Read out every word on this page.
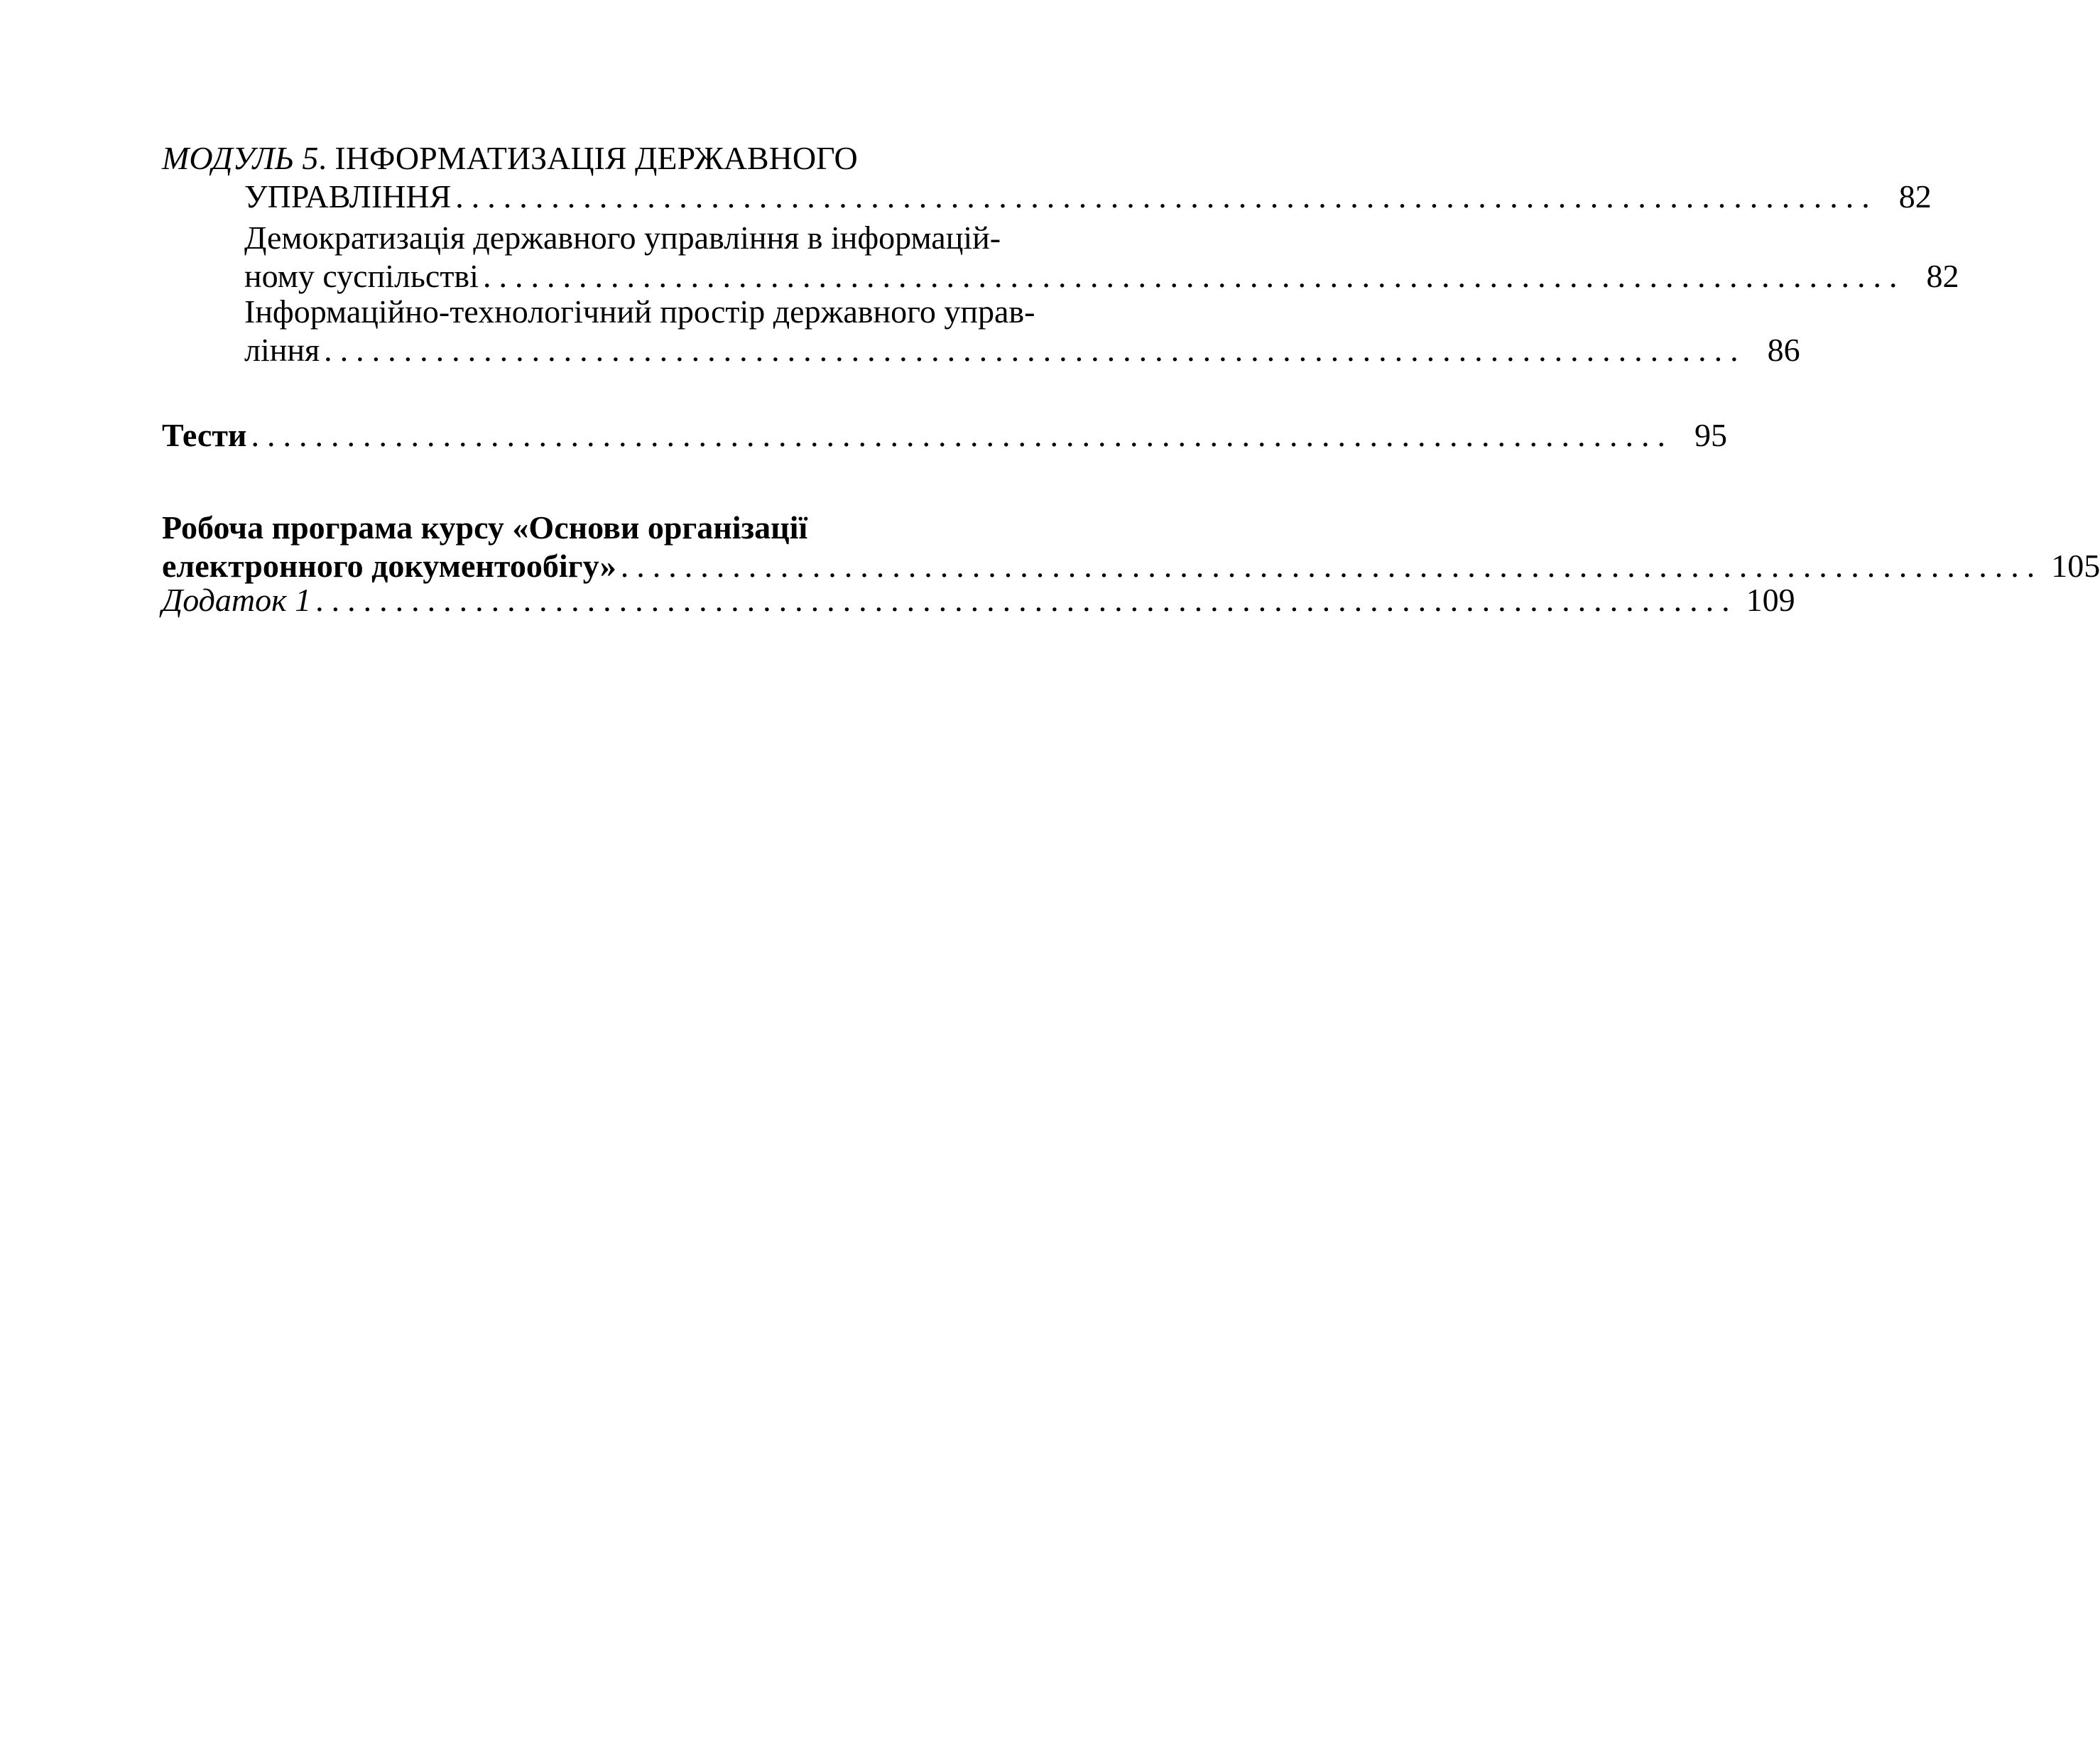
МОДУЛЬ 5. ІНФОРМАТИЗАЦІЯ ДЕРЖАВНОГО
УПРАВЛІННЯ ......................................................................................... 82
Демократизація державного управління в інформацій-
ному суспільстві ......................................................................................... 82
Інформаційно-технологічний простір державного управ-
ління ......................................................................................... 86
Тести ......................................................................................... 95
Робоча програма курсу «Основи організації
електронного документообігу» ......................................................................................... 105
Додаток 1 ......................................................................................... 109
